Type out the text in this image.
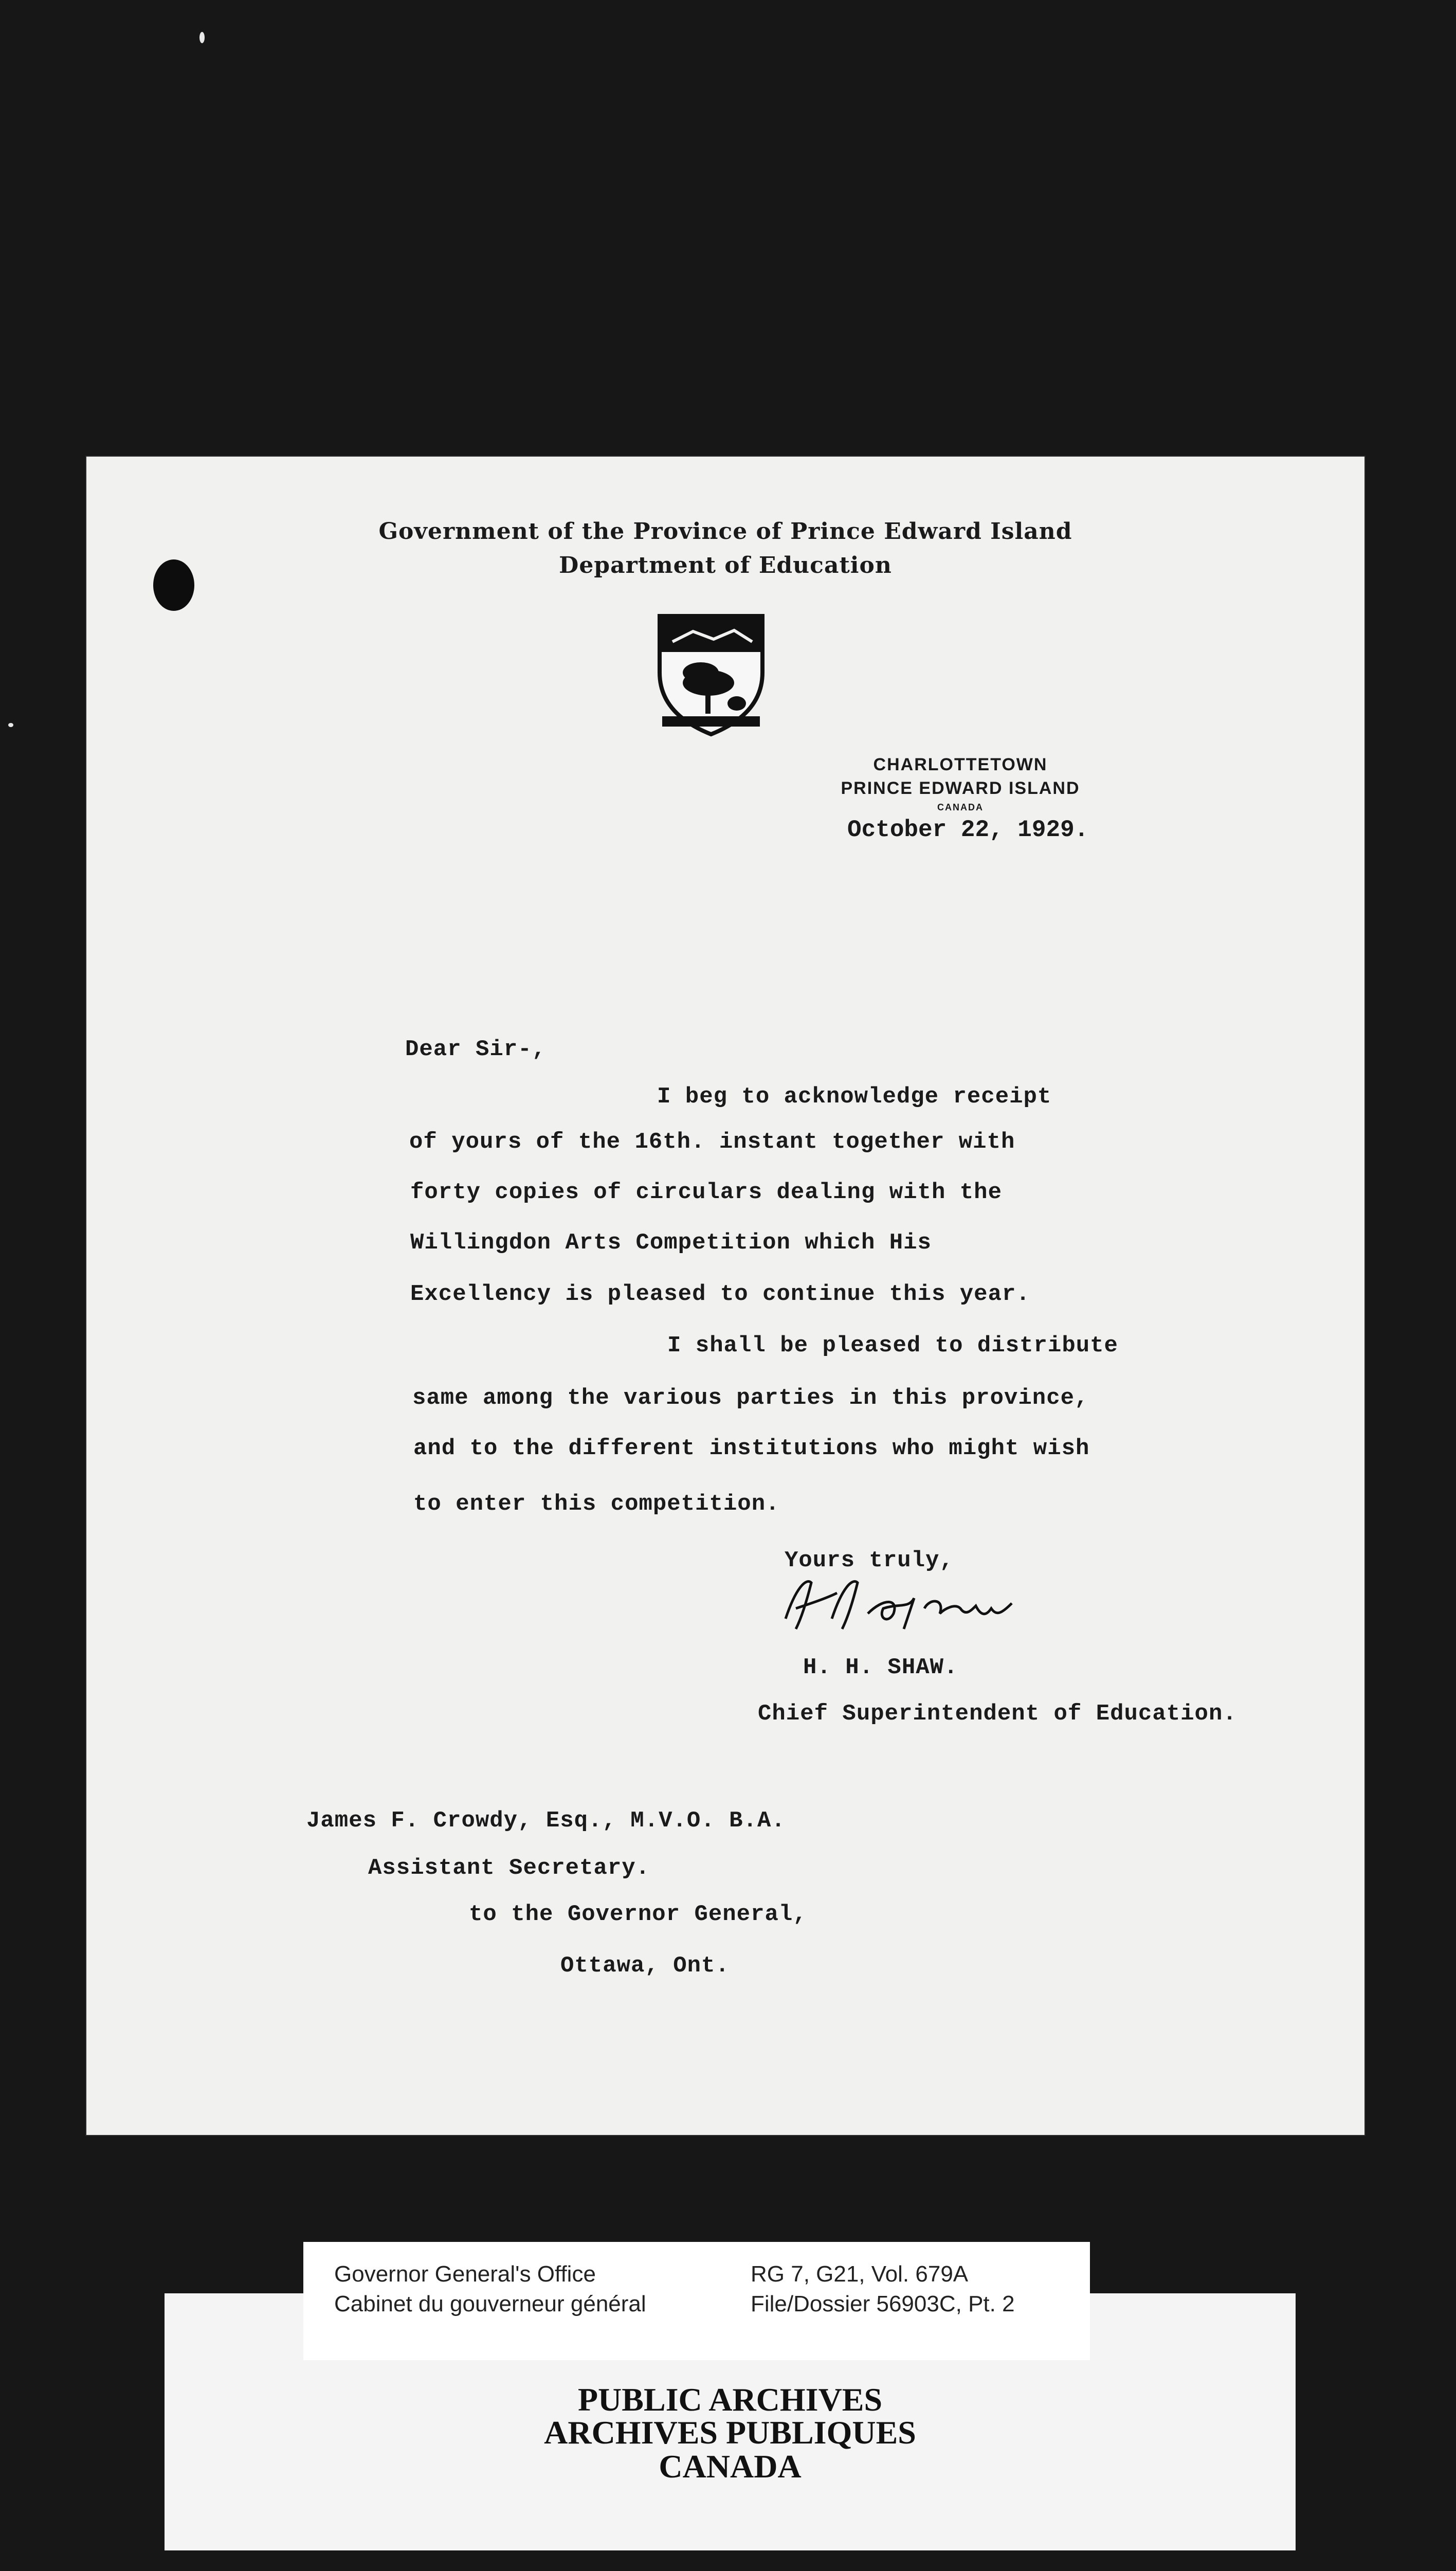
Government of the Province of Prince Edward Island
Department of Education
CHARLOTTETOWN
PRINCE EDWARD ISLAND
CANADA
October 22, 1929.
Dear Sir-,
I beg to acknowledge receipt
of yours of the 16th. instant together with
forty copies of circulars dealing with the
Willingdon Arts Competition which His
Excellency is pleased to continue this year.
I shall be pleased to distribute
same among the various parties in this province,
and to the different institutions who might wish
to enter this competition.
Yours truly,
H. H. SHAW.
Chief Superintendent of Education.
James F. Crowdy, Esq., M.V.O. B.A.
Assistant Secretary.
to the Governor General,
Ottawa, Ont.
Governor General's Office
Cabinet du gouverneur général
RG 7, G21, Vol. 679A
File/Dossier 56903C, Pt. 2
PUBLIC ARCHIVES
ARCHIVES PUBLIQUES
CANADA
